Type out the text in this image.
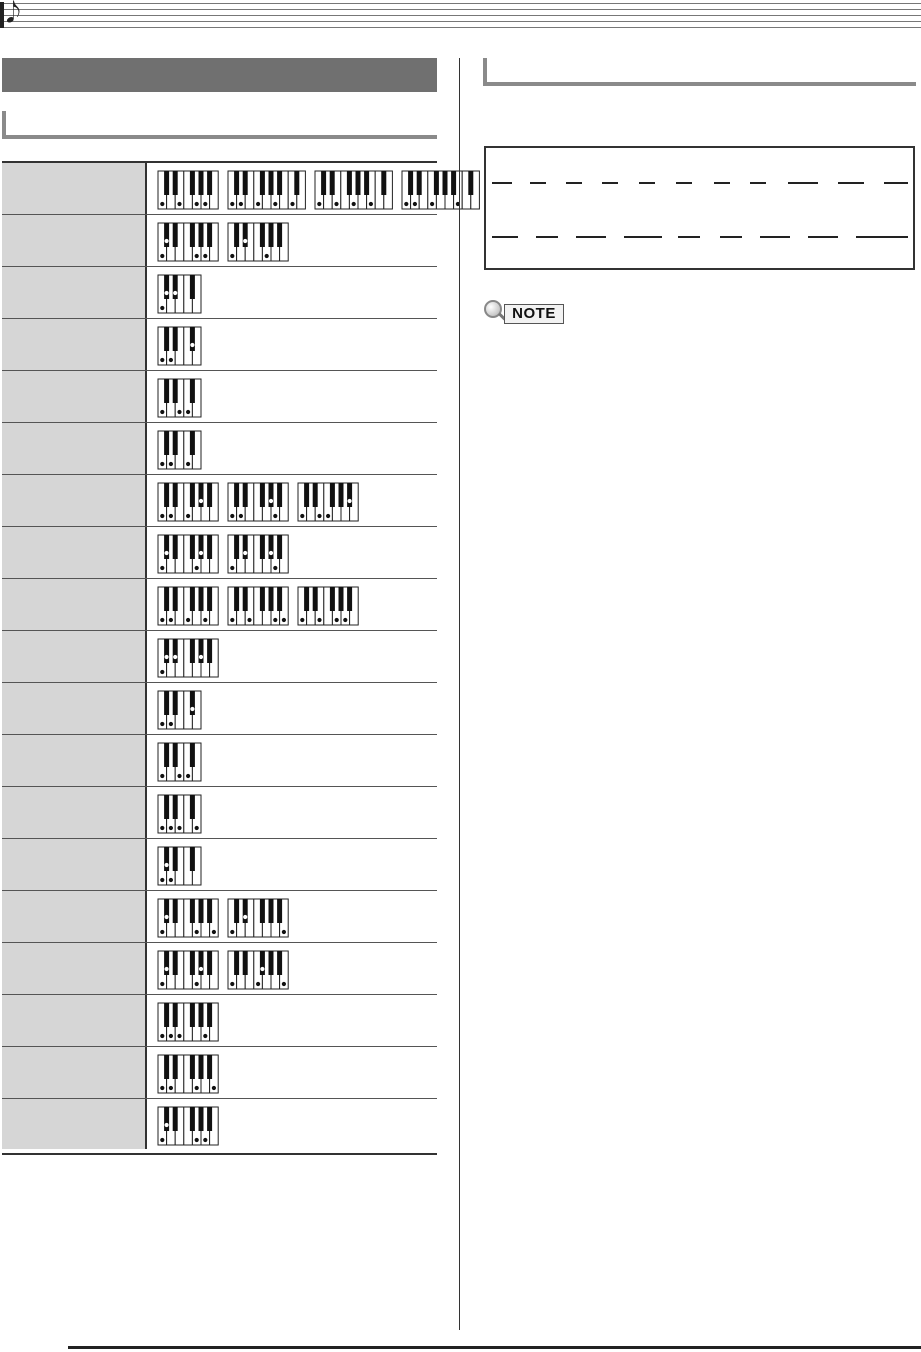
𝅘𝅥𝅮
NOTE
